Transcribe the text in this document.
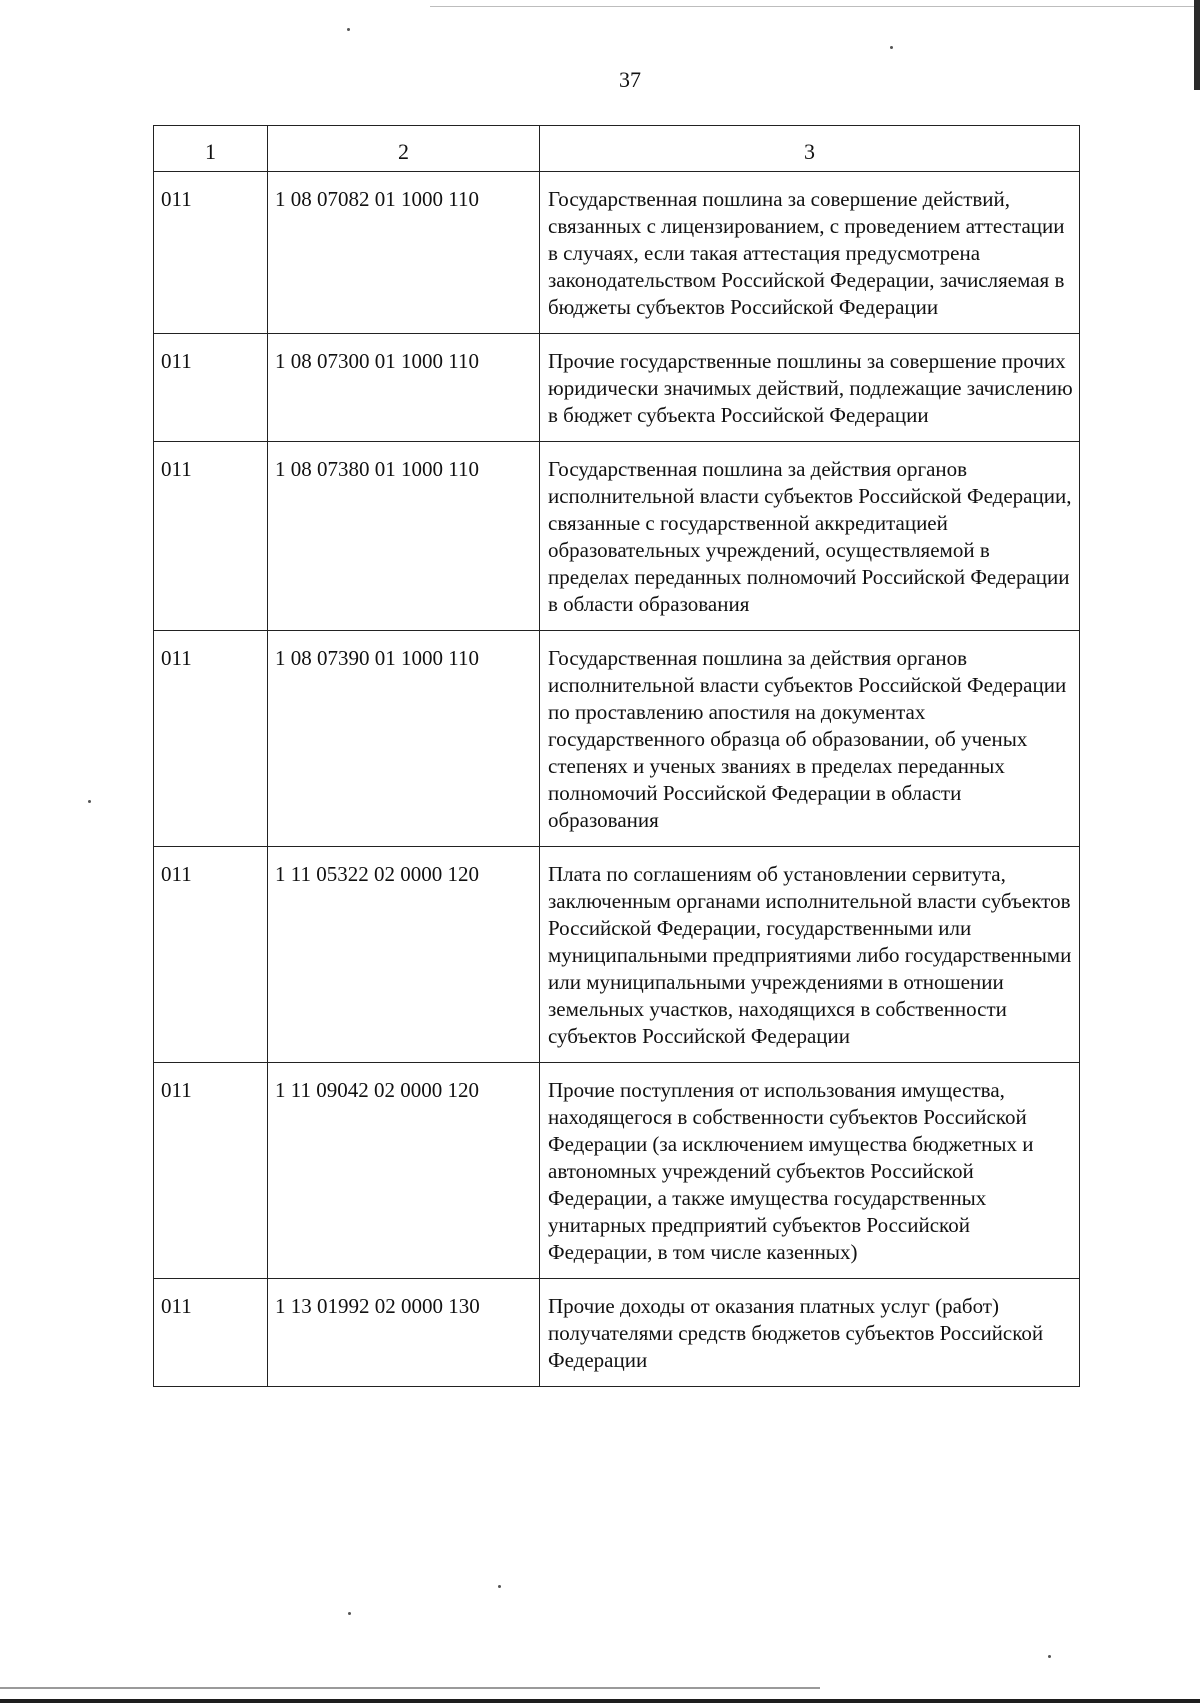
37
1	2	3
011	1 08 07082 01 1000 110	Государственная пошлина за совершение действий, связанных с лицензированием, с проведением аттестации в случаях, если такая аттестация предусмотрена законодательством Российской Федерации, зачисляемая в бюджеты субъектов Российской Федерации
011	1 08 07300 01 1000 110	Прочие государственные пошлины за совершение прочих юридически значимых действий, подлежащие зачислению в бюджет субъекта Российской Федерации
011	1 08 07380 01 1000 110	Государственная пошлина за действия органов исполнительной власти субъектов Российской Федерации, связанные с государственной аккредитацией образовательных учреждений, осуществляемой в пределах переданных полномочий Российской Федерации в области образования
011	1 08 07390 01 1000 110	Государственная пошлина за действия органов исполнительной власти субъектов Российской Федерации по проставлению апостиля на документах государственного образца об образовании, об ученых степенях и ученых званиях в пределах переданных полномочий Российской Федерации в области образования
011	1 11 05322 02 0000 120	Плата по соглашениям об установлении сервитута, заключенным органами исполнительной власти субъектов Российской Федерации, государственными или муниципальными предприятиями либо государственными или муниципальными учреждениями в отношении земельных участков, находящихся в собственности субъектов Российской Федерации
011	1 11 09042 02 0000 120	Прочие поступления от использования имущества, находящегося в собственности субъектов Российской Федерации (за исключением имущества бюджетных и автономных учреждений субъектов Российской Федерации, а также имущества государственных унитарных предприятий субъектов Российской Федерации, в том числе казенных)
011	1 13 01992 02 0000 130	Прочие доходы от оказания платных услуг (работ) получателями средств бюджетов субъектов Российской Федерации
